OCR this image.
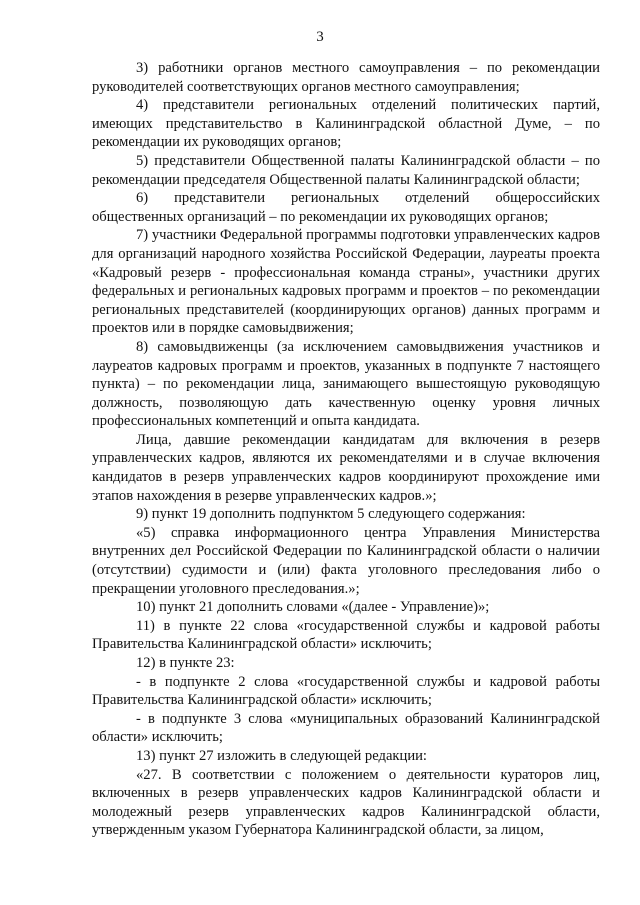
3

3) работники органов местного самоуправления – по рекомендации руководителей соответствующих органов местного самоуправления;

4) представители региональных отделений политических партий, имеющих представительство в Калининградской областной Думе, – по рекомендации их руководящих органов;

5) представители Общественной палаты Калининградской области – по рекомендации председателя Общественной палаты Калининградской области;

6) представители региональных отделений общероссийских общественных организаций – по рекомендации их руководящих органов;

7) участники Федеральной программы подготовки управленческих кадров для организаций народного хозяйства Российской Федерации, лауреаты проекта «Кадровый резерв - профессиональная команда страны», участники других федеральных и региональных кадровых программ и проектов – по рекомендации региональных представителей (координирующих органов) данных программ и проектов или в порядке самовыдвижения;

8) самовыдвиженцы (за исключением самовыдвижения участников и лауреатов кадровых программ и проектов, указанных в подпункте 7 настоящего пункта) – по рекомендации лица, занимающего вышестоящую руководящую должность, позволяющую дать качественную оценку уровня личных профессиональных компетенций и опыта кандидата.

Лица, давшие рекомендации кандидатам для включения в резерв управленческих кадров, являются их рекомендателями и в случае включения кандидатов в резерв управленческих кадров координируют прохождение ими этапов нахождения в резерве управленческих кадров.»;

9) пункт 19 дополнить подпунктом 5 следующего содержания:

«5) справка информационного центра Управления Министерства внутренних дел Российской Федерации по Калининградской области о наличии (отсутствии) судимости и (или) факта уголовного преследования либо о прекращении уголовного преследования.»;

10) пункт 21 дополнить словами «(далее - Управление)»;

11) в пункте 22 слова «государственной службы и кадровой работы Правительства Калининградской области» исключить;

12) в пункте 23:

- в подпункте 2 слова «государственной службы и кадровой работы Правительства Калининградской области» исключить;

- в подпункте 3 слова «муниципальных образований Калининградской области» исключить;

13) пункт 27 изложить в следующей редакции:

«27. В соответствии с положением о деятельности кураторов лиц, включенных в резерв управленческих кадров Калининградской области и молодежный резерв управленческих кадров Калининградской области, утвержденным указом Губернатора Калининградской области, за лицом,
